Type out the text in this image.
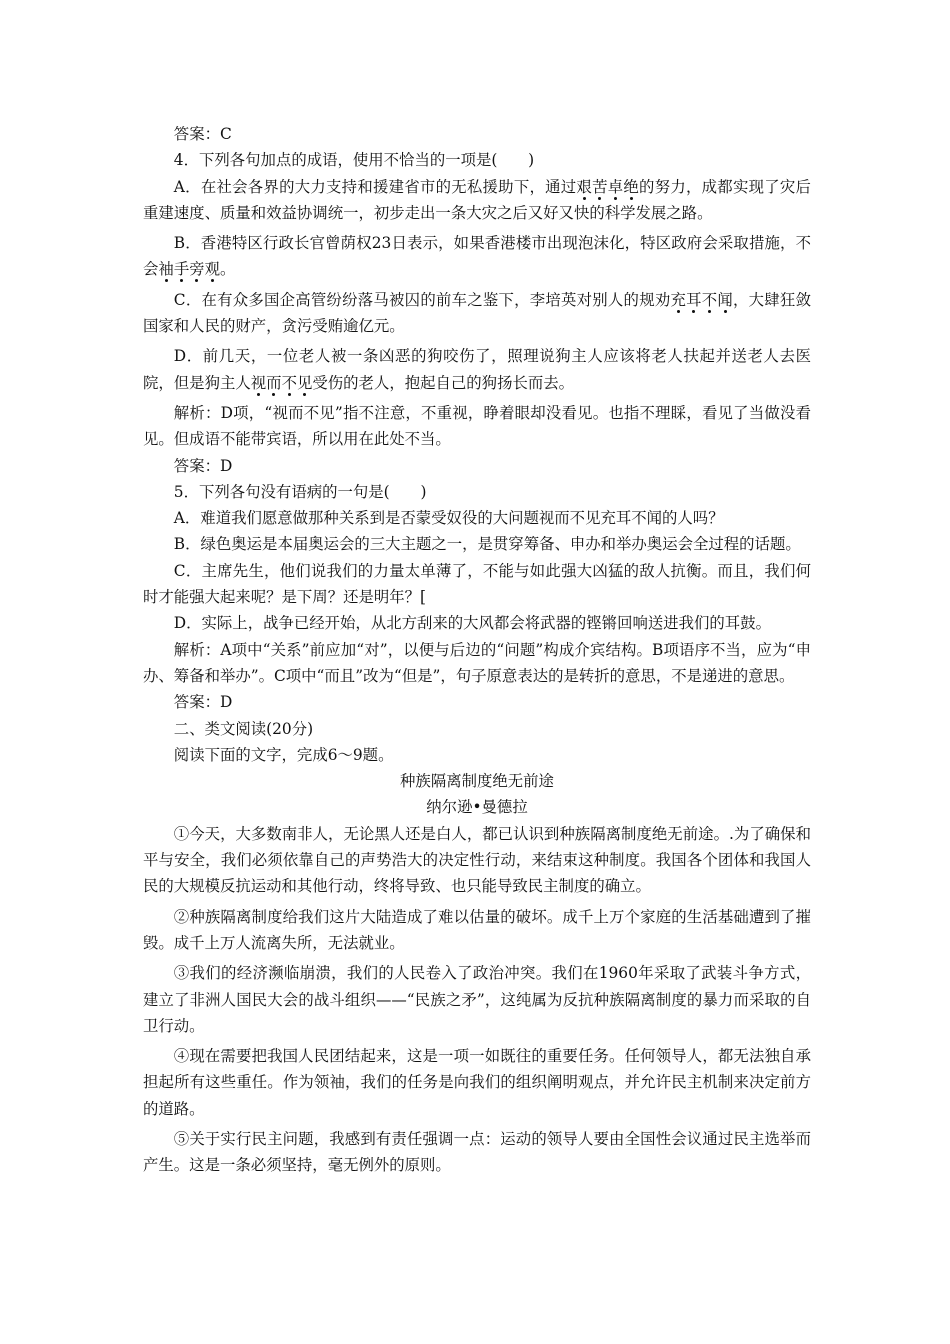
答案：C

4．下列各句加点的成语，使用不恰当的一项是(　　)

A．在社会各界的大力支持和援建省市的无私援助下，通过艰苦卓绝的努力，成都实现了灾后重建速度、质量和效益协调统一，初步走出一条大灾之后又好又快的科学发展之路。

B．香港特区行政长官曾荫权23日表示，如果香港楼市出现泡沫化，特区政府会采取措施，不会袖手旁观。

C．在有众多国企高管纷纷落马被囚的前车之鉴下，李培英对别人的规劝充耳不闻，大肆狂敛国家和人民的财产，贪污受贿逾亿元。

D．前几天，一位老人被一条凶恶的狗咬伤了，照理说狗主人应该将老人扶起并送老人去医院，但是狗主人视而不见受伤的老人，抱起自己的狗扬长而去。

解析：D项，“视而不见”指不注意，不重视，睁着眼却没看见。也指不理睬，看见了当做没看见。但成语不能带宾语，所以用在此处不当。

答案：D

5．下列各句没有语病的一句是(　　)

A．难道我们愿意做那种关系到是否蒙受奴役的大问题视而不见充耳不闻的人吗？

B．绿色奥运是本届奥运会的三大主题之一，是贯穿筹备、申办和举办奥运会全过程的话题。

C．主席先生，他们说我们的力量太单薄了，不能与如此强大凶猛的敌人抗衡。而且，我们何时才能强大起来呢？是下周？还是明年？[

D．实际上，战争已经开始，从北方刮来的大风都会将武器的铿锵回响送进我们的耳鼓。

解析：A项中“关系”前应加“对”，以便与后边的“问题”构成介宾结构。B项语序不当，应为“申办、筹备和举办”。C项中“而且”改为“但是”，句子原意表达的是转折的意思，不是递进的意思。

答案：D

二、类文阅读(20分)

阅读下面的文字，完成6～9题。

种族隔离制度绝无前途

纳尔逊•曼德拉

①今天，大多数南非人，无论黑人还是白人，都已认识到种族隔离制度绝无前途。.为了确保和平与安全，我们必须依靠自己的声势浩大的决定性行动，来结束这种制度。我国各个团体和我国人民的大规模反抗运动和其他行动，终将导致、也只能导致民主制度的确立。

②种族隔离制度给我们这片大陆造成了难以估量的破坏。成千上万个家庭的生活基础遭到了摧毁。成千上万人流离失所，无法就业。

③我们的经济濒临崩溃，我们的人民卷入了政治冲突。我们在1960年采取了武装斗争方式，建立了非洲人国民大会的战斗组织——“民族之矛”，这纯属为反抗种族隔离制度的暴力而采取的自卫行动。

④现在需要把我国人民团结起来，这是一项一如既往的重要任务。任何领导人，都无法独自承担起所有这些重任。作为领袖，我们的任务是向我们的组织阐明观点，并允许民主机制来决定前方的道路。

⑤关于实行民主问题，我感到有责任强调一点：运动的领导人要由全国性会议通过民主选举而产生。这是一条必须坚持，毫无例外的原则。
